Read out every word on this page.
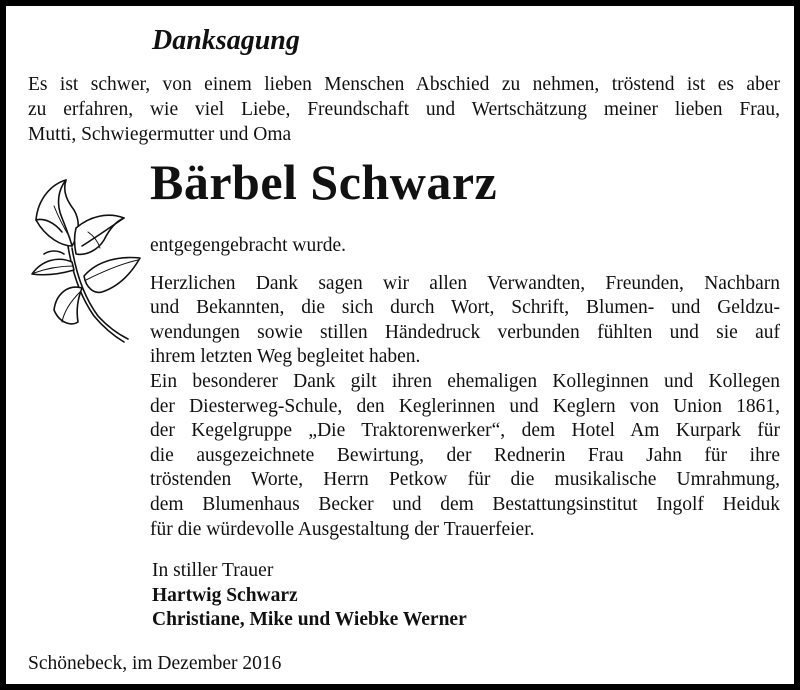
Danksagung
Es ist schwer, von einem lieben Menschen Abschied zu nehmen, tröstend ist es aber
zu erfahren, wie viel Liebe, Freundschaft und Wertschätzung meiner lieben Frau,
Mutti, Schwiegermutter und Oma
Bärbel Schwarz

entgegengebracht wurde.

Herzlichen Dank sagen wir allen Verwandten, Freunden, Nachbarn
und Bekannten, die sich durch Wort, Schrift, Blumen- und Geldzu-
wendungen sowie stillen Händedruck verbunden fühlten und sie auf
ihrem letzten Weg begleitet haben.

Ein besonderer Dank gilt ihren ehemaligen Kolleginnen und Kollegen
der Diesterweg-Schule, den Keglerinnen und Keglern von Union 1861,
der Kegelgruppe „Die Traktorenwerker“, dem Hotel Am Kurpark für
die ausgezeichnete Bewirtung, der Rednerin Frau Jahn für ihre
tröstenden Worte, Herrn Petkow für die musikalische Umrahmung,
dem Blumenhaus Becker und dem Bestattungsinstitut Ingolf Heiduk
für die würdevolle Ausgestaltung der Trauerfeier.

In stiller Trauer
Hartwig Schwarz
Christiane, Mike und Wiebke Werner
Schönebeck, im Dezember 2016
